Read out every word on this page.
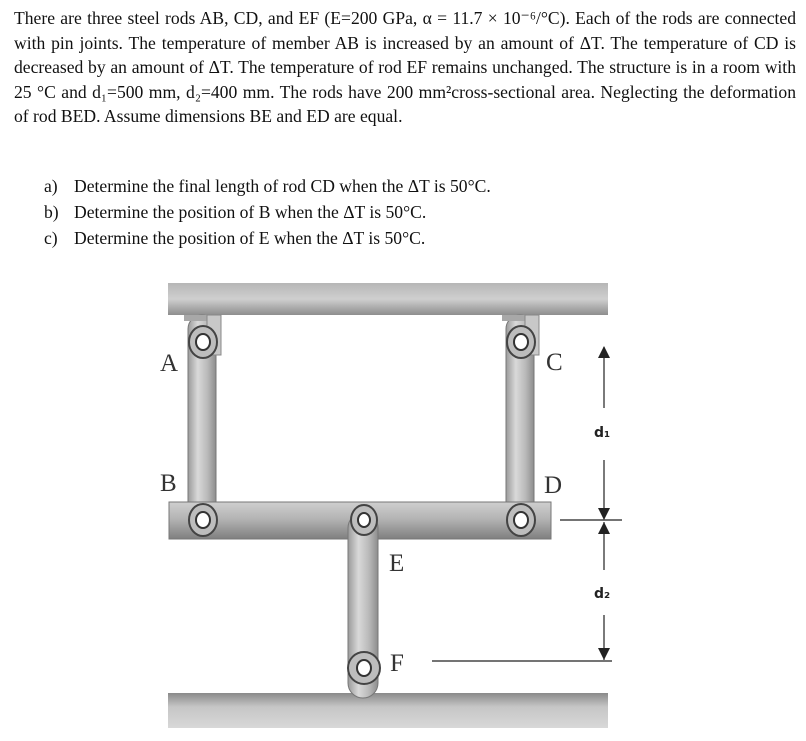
There are three steel rods AB, CD, and EF (E=200 GPa, α = 11.7 × 10⁻⁶/°C). Each of the rods are connected with pin joints. The temperature of member AB is increased by an amount of ΔT. The temperature of CD is decreased by an amount of ΔT. The temperature of rod EF remains unchanged. The structure is in a room with 25 °C and d₁=500 mm, d₂=400 mm. The rods have 200 mm²cross-sectional area. Neglecting the deformation of rod BED. Assume dimensions BE and ED are equal.
a) Determine the final length of rod CD when the ΔT is 50°C.
b) Determine the position of B when the ΔT is 50°C.
c) Determine the position of E when the ΔT is 50°C.
A
B
C
D
E
F
d₁
d₂
